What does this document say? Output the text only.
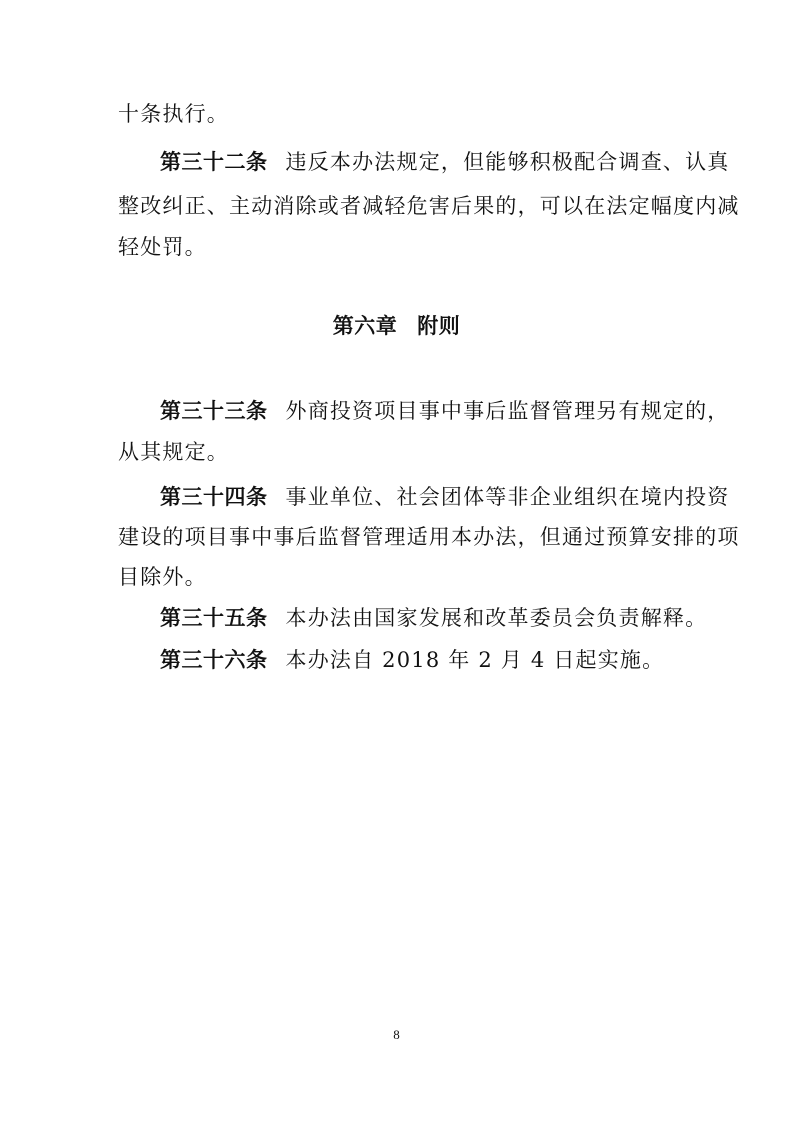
十条执行。
第三十二条 违反本办法规定，但能够积极配合调查、认真
整改纠正、主动消除或者减轻危害后果的，可以在法定幅度内减
轻处罚。
第六章 附则
第三十三条 外商投资项目事中事后监督管理另有规定的，
从其规定。
第三十四条 事业单位、社会团体等非企业组织在境内投资
建设的项目事中事后监督管理适用本办法，但通过预算安排的项
目除外。
第三十五条 本办法由国家发展和改革委员会负责解释。
第三十六条 本办法自 2018 年 2 月 4 日起实施。
8
